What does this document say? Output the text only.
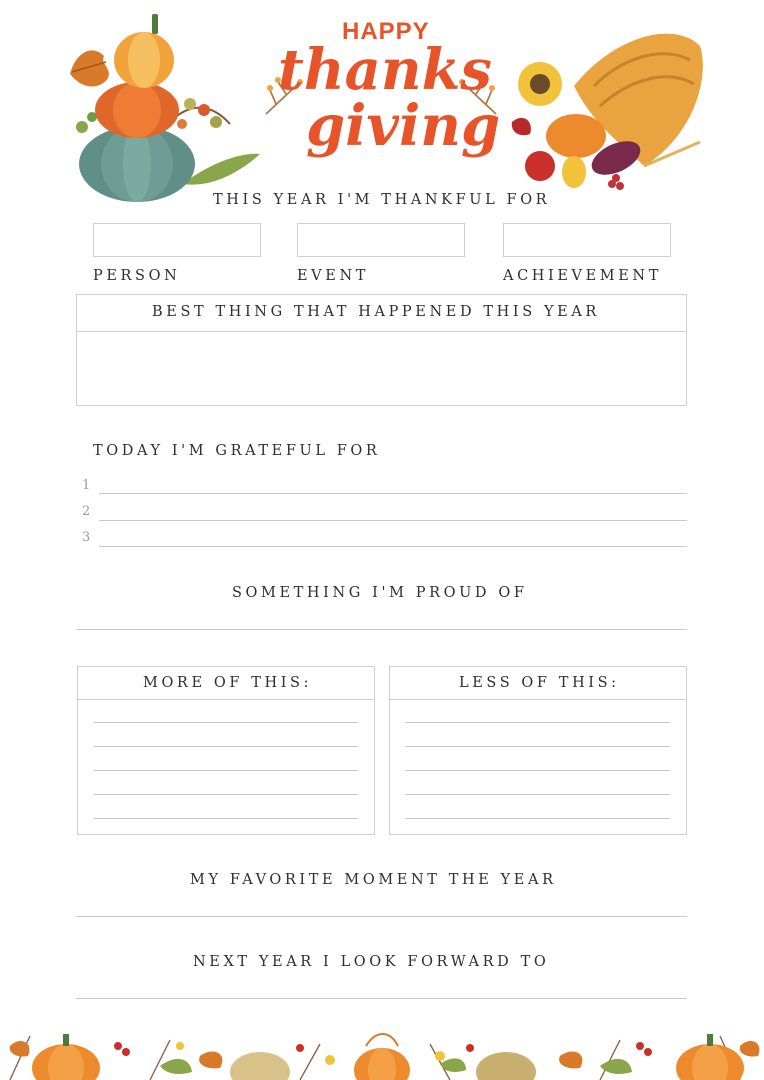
HAPPY
thanks
giving
THIS YEAR I'M THANKFUL FOR
PERSON	EVENT	ACHIEVEMENT
BEST THING THAT HAPPENED THIS YEAR
TODAY I'M GRATEFUL FOR
1
2
3
SOMETHING I'M PROUD OF
MORE OF THIS:	LESS OF THIS:
MY FAVORITE MOMENT THE YEAR
NEXT YEAR I LOOK FORWARD TO
